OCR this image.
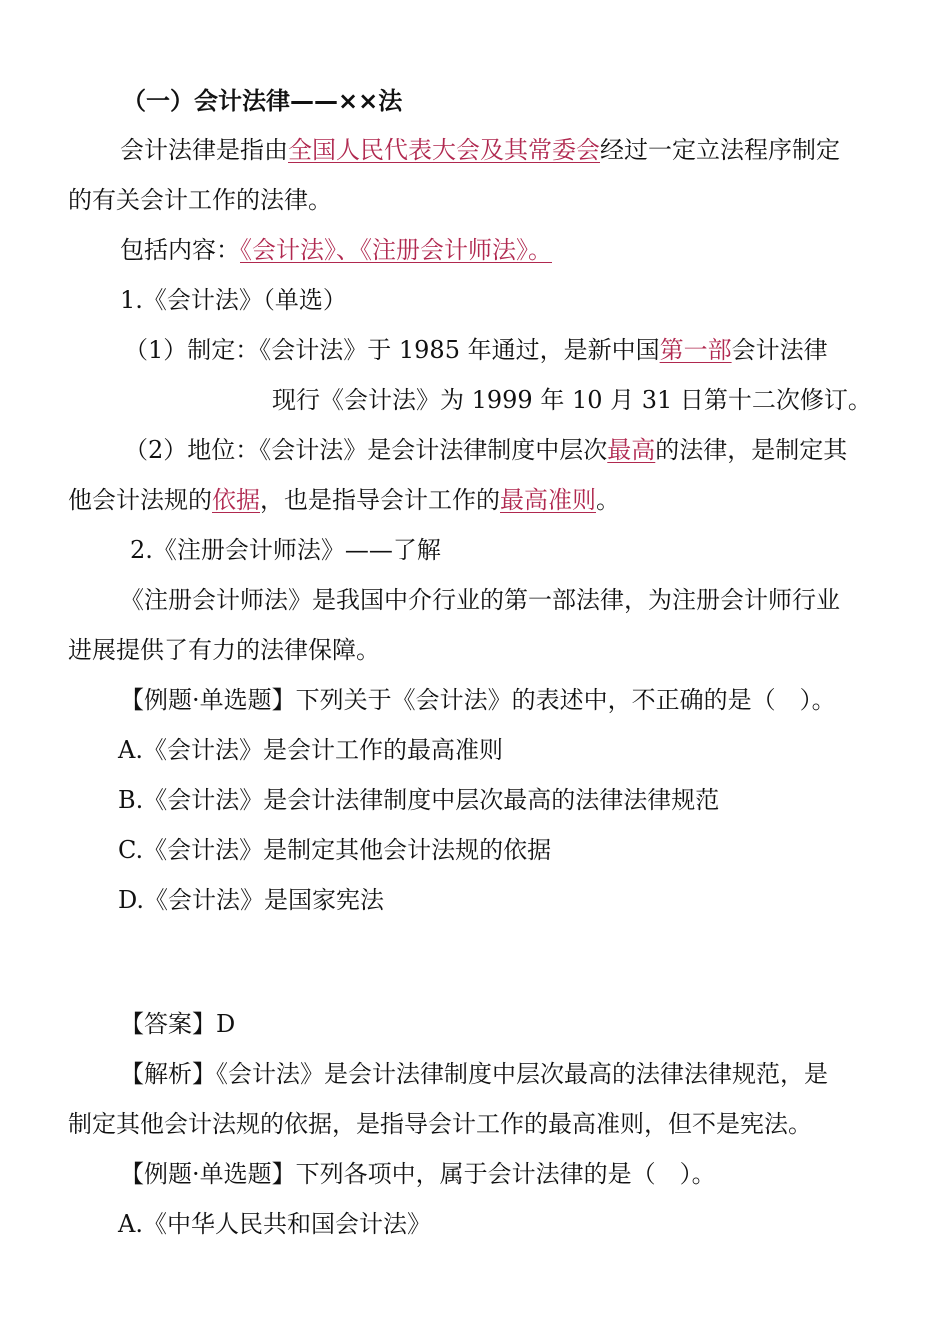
（一）会计法律——××法
会计法律是指由全国人民代表大会及其常委会经过一定立法程序制定
的有关会计工作的法律。
包括内容：《会计法》、《注册会计师法》。
1.《会计法》（单选）
（1）制定：《会计法》于 1985 年通过，是新中国第一部会计法律
现行《会计法》为 1999 年 10 月 31 日第十二次修订。
（2）地位：《会计法》是会计法律制度中层次最高的法律，是制定其
他会计法规的依据，也是指导会计工作的最高准则。
2.《注册会计师法》——了解
《注册会计师法》是我国中介行业的第一部法律，为注册会计师行业
进展提供了有力的法律保障。
【例题·单选题】下列关于《会计法》的表述中，不正确的是（　）。
A.《会计法》是会计工作的最高准则
B.《会计法》是会计法律制度中层次最高的法律法律规范
C.《会计法》是制定其他会计法规的依据
D.《会计法》是国家宪法
【答案】D
【解析】《会计法》是会计法律制度中层次最高的法律法律规范，是
制定其他会计法规的依据，是指导会计工作的最高准则，但不是宪法。
【例题·单选题】下列各项中，属于会计法律的是（　）。
A.《中华人民共和国会计法》
